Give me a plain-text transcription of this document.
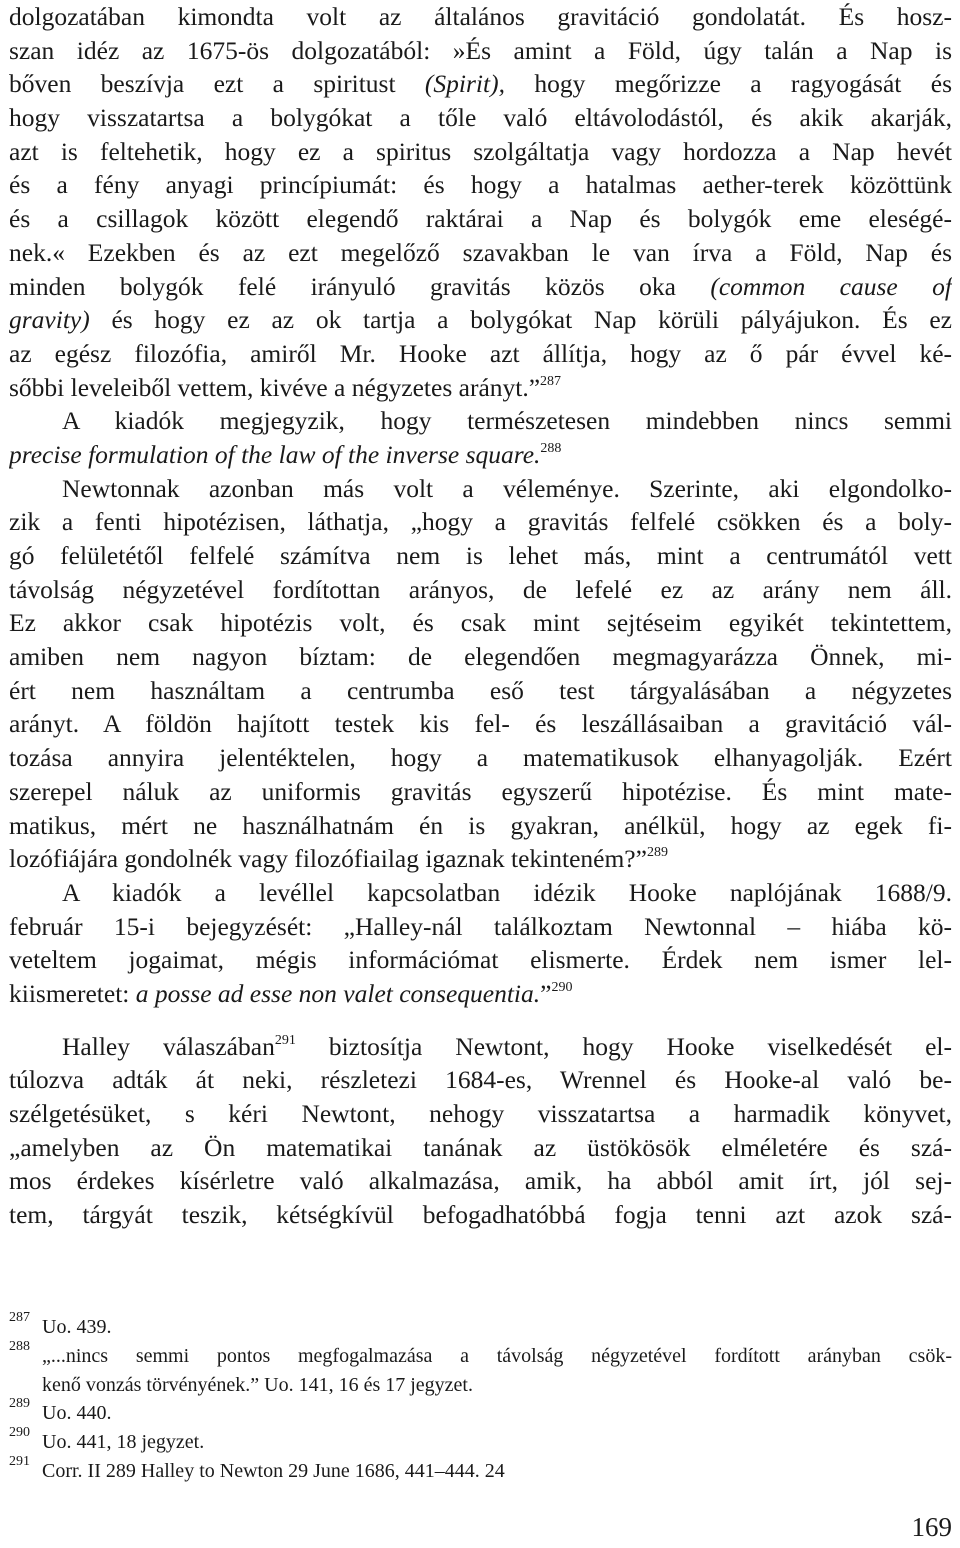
dolgozatában kimondta volt az általános gravitáció gondolatát. És hosz-
szan idéz az 1675-ös dolgozatából: »És amint a Föld, úgy talán a Nap is
bőven beszívja ezt a spiritust (Spirit), hogy megőrizze a ragyogását és
hogy visszatartsa a bolygókat a tőle való eltávolodástól, és akik akarják,
azt is feltehetik, hogy ez a spiritus szolgáltatja vagy hordozza a Nap hevét
és a fény anyagi princípiumát: és hogy a hatalmas aether-terek közöttünk
és a csillagok között elegendő raktárai a Nap és bolygók eme eleségé-
nek.« Ezekben és az ezt megelőző szavakban le van írva a Föld, Nap és
minden bolygók felé irányuló gravitás közös oka (common cause of
gravity) és hogy ez az ok tartja a bolygókat Nap körüli pályájukon. És ez
az egész filozófia, amiről Mr. Hooke azt állítja, hogy az ő pár évvel ké-
sőbbi leveleiből vettem, kivéve a négyzetes arányt.”$^{287}$
A kiadók megjegyzik, hogy természetesen mindebben nincs semmi
precise formulation of the law of the inverse square.$^{288}$
Newtonnak azonban más volt a véleménye. Szerinte, aki elgondolko-
zik a fenti hipotézisen, láthatja, „hogy a gravitás felfelé csökken és a boly-
gó felületétől felfelé számítva nem is lehet más, mint a centrumától vett
távolság négyzetével fordítottan arányos, de lefelé ez az arány nem áll.
Ez akkor csak hipotézis volt, és csak mint sejtéseim egyikét tekintettem,
amiben nem nagyon bíztam: de elegendően megmagyarázza Önnek, mi-
ért nem használtam a centrumba eső test tárgyalásában a négyzetes
arányt. A földön hajított testek kis fel- és leszállásaiban a gravitáció vál-
tozása annyira jelentéktelen, hogy a matematikusok elhanyagolják. Ezért
szerepel náluk az uniformis gravitás egyszerű hipotézise. És mint mate-
matikus, mért ne használhatnám én is gyakran, anélkül, hogy az egek fi-
lozófiájára gondolnék vagy filozófiailag igaznak tekinteném?”$^{289}$
A kiadók a levéllel kapcsolatban idézik Hooke naplójának 1688/9.
február 15-i bejegyzését: „Halley-nál találkoztam Newtonnal – hiába kö-
veteltem jogaimat, mégis információmat elismerte. Érdek nem ismer lel-
kiismeretet: a posse ad esse non valet consequentia.”$^{290}$
Halley válaszában$^{291}$ biztosítja Newtont, hogy Hooke viselkedését el-
túlozva adták át neki, részletezi 1684-es, Wrennel és Hooke-al való be-
szélgetésüket, s kéri Newtont, nehogy visszatartsa a harmadik könyvet,
„amelyben az Ön matematikai tanának az üstökösök elméletére és szá-
mos érdekes kísérletre való alkalmazása, amik, ha abból amit írt, jól sej-
tem, tárgyát teszik, kétségkívül befogadhatóbbá fogja tenni azt azok szá-
287 Uo. 439.
288 „...nincs semmi pontos megfogalmazása a távolság négyzetével fordított arányban csök-
kenő vonzás törvényének.” Uo. 141, 16 és 17 jegyzet.
289 Uo. 440.
290 Uo. 441, 18 jegyzet.
291 Corr. II 289 Halley to Newton 29 June 1686, 441–444. 24
169
